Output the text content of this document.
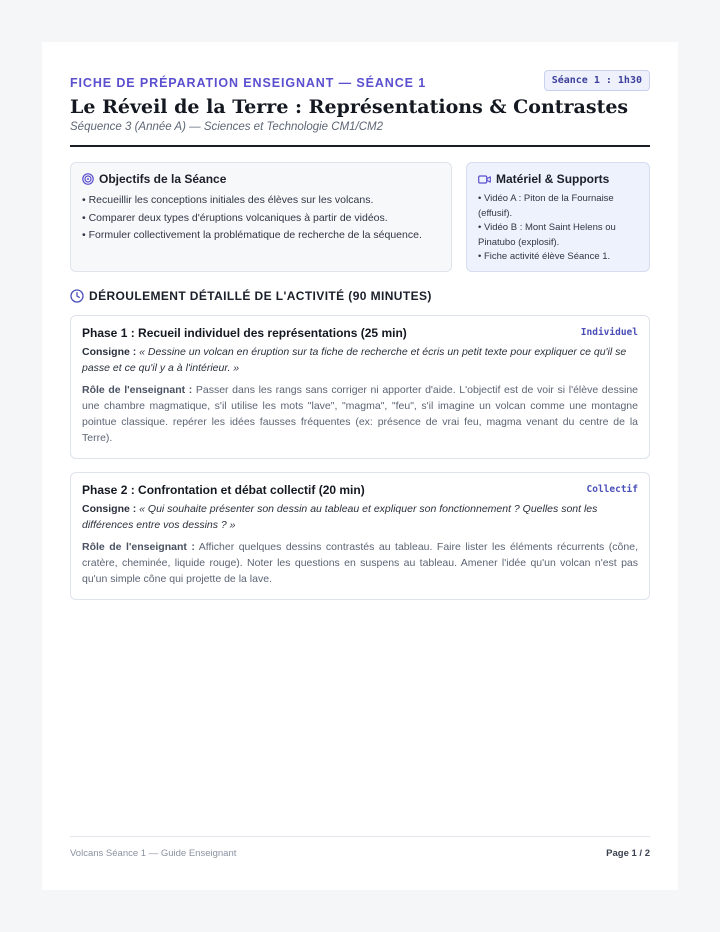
FICHE DE PRÉPARATION ENSEIGNANT — SÉANCE 1	Séance 1 : 1h30
Le Réveil de la Terre : Représentations & Contrastes
Séquence 3 (Année A) — Sciences et Technologie CM1/CM2
Objectifs de la Séance
• Recueillir les conceptions initiales des élèves sur les volcans.
• Comparer deux types d'éruptions volcaniques à partir de vidéos.
• Formuler collectivement la problématique de recherche de la séquence.
Matériel & Supports
• Vidéo A : Piton de la Fournaise (effusif).
• Vidéo B : Mont Saint Helens ou Pinatubo (explosif).
• Fiche activité élève Séance 1.
DÉROULEMENT DÉTAILLÉ DE L'ACTIVITÉ (90 MINUTES)
Phase 1 : Recueil individuel des représentations (25 min)	Individuel
Consigne : « Dessine un volcan en éruption sur ta fiche de recherche et écris un petit texte pour expliquer ce qu'il se passe et ce qu'il y a à l'intérieur. »
Rôle de l'enseignant : Passer dans les rangs sans corriger ni apporter d'aide. L'objectif est de voir si l'élève dessine une chambre magmatique, s'il utilise les mots "lave", "magma", "feu", s'il imagine un volcan comme une montagne pointue classique. repérer les idées fausses fréquentes (ex: présence de vrai feu, magma venant du centre de la Terre).
Phase 2 : Confrontation et débat collectif (20 min)	Collectif
Consigne : « Qui souhaite présenter son dessin au tableau et expliquer son fonctionnement ? Quelles sont les différences entre vos dessins ? »
Rôle de l'enseignant : Afficher quelques dessins contrastés au tableau. Faire lister les éléments récurrents (cône, cratère, cheminée, liquide rouge). Noter les questions en suspens au tableau. Amener l'idée qu'un volcan n'est pas qu'un simple cône qui projette de la lave.
Volcans Séance 1 — Guide Enseignant	Page 1 / 2
